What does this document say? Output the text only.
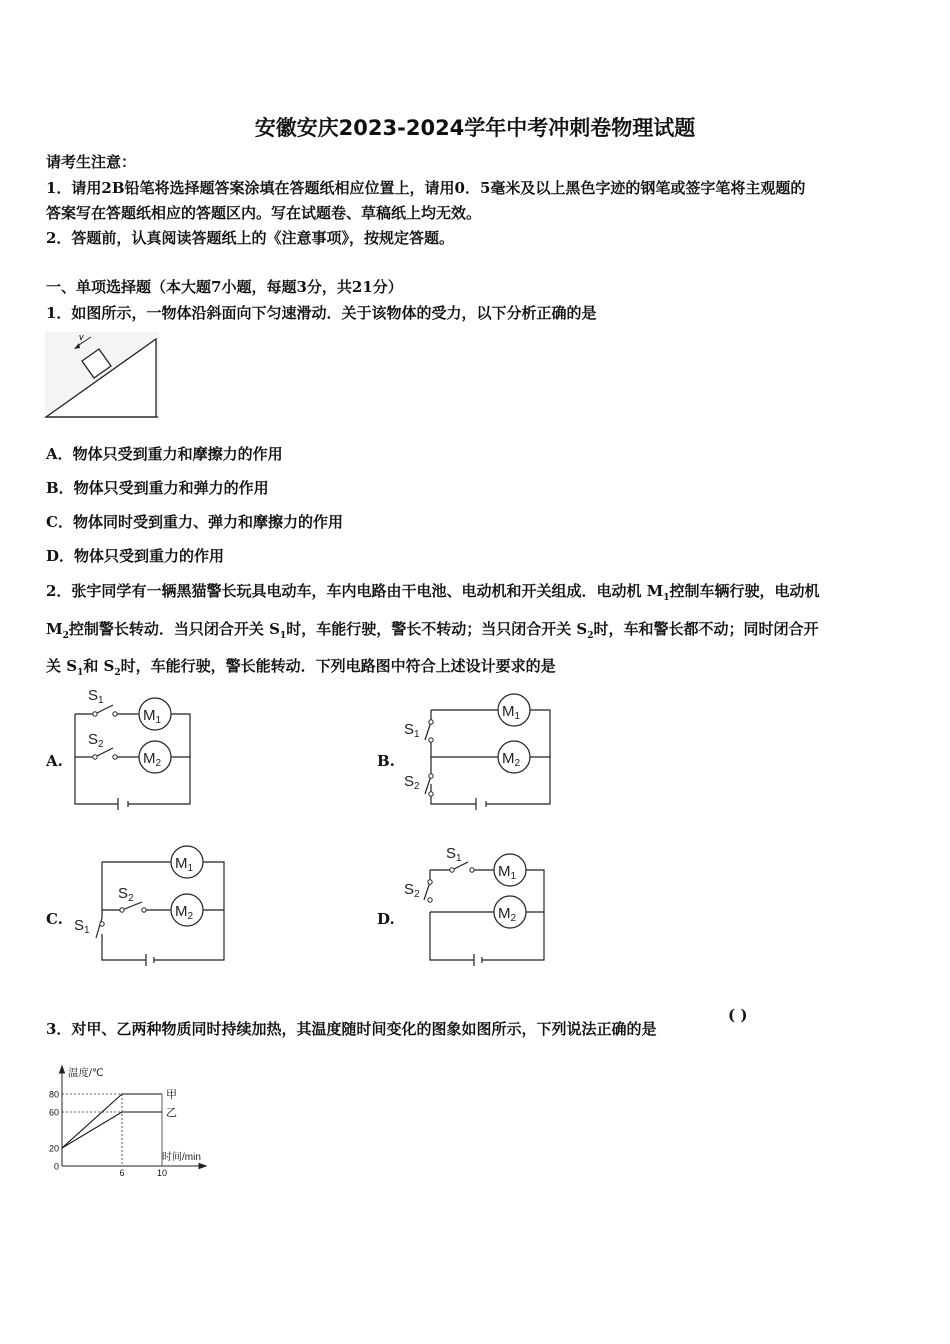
安徽安庆2023-2024学年中考冲刺卷物理试题
请考生注意：
1．请用2B铅笔将选择题答案涂填在答题纸相应位置上，请用0．5毫米及以上黑色字迹的钢笔或签字笔将主观题的
答案写在答题纸相应的答题区内。写在试题卷、草稿纸上均无效。
2．答题前，认真阅读答题纸上的《注意事项》，按规定答题。
一、单项选择题（本大题7小题，每题3分，共21分）
1．如图所示，一物体沿斜面向下匀速滑动．关于该物体的受力，以下分析正确的是
v
A．物体只受到重力和摩擦力的作用
B．物体只受到重力和弹力的作用
C．物体同时受到重力、弹力和摩擦力的作用
D．物体只受到重力的作用
2．张宇同学有一辆黑猫警长玩具电动车，车内电路由干电池、电动机和开关组成．电动机 $M_1$控制车辆行驶，电动机
$M_2$控制警长转动．当只闭合开关 $S_1$时，车能行驶，警长不转动；当只闭合开关 $S_2$时，车和警长都不动；同时闭合开
关 $S_1$和 $S_2$时，车能行驶，警长能转动．下列电路图中符合上述设计要求的是
A.
$S_1$
$S_2$
$M_1$
$M_2$	B.
$S_1$
$S_2$
$M_1$
$M_2$
C.
$S_2$
$S_1$
$M_1$
$M_2$	D.
$S_1$
$S_2$
$M_1$
$M_2$
3．对甲、乙两种物质同时持续加热，其温度随时间变化的图象如图所示，下列说法正确的是
( )
温度/℃
时间/min
甲
乙
0
20
60
80
6	10
